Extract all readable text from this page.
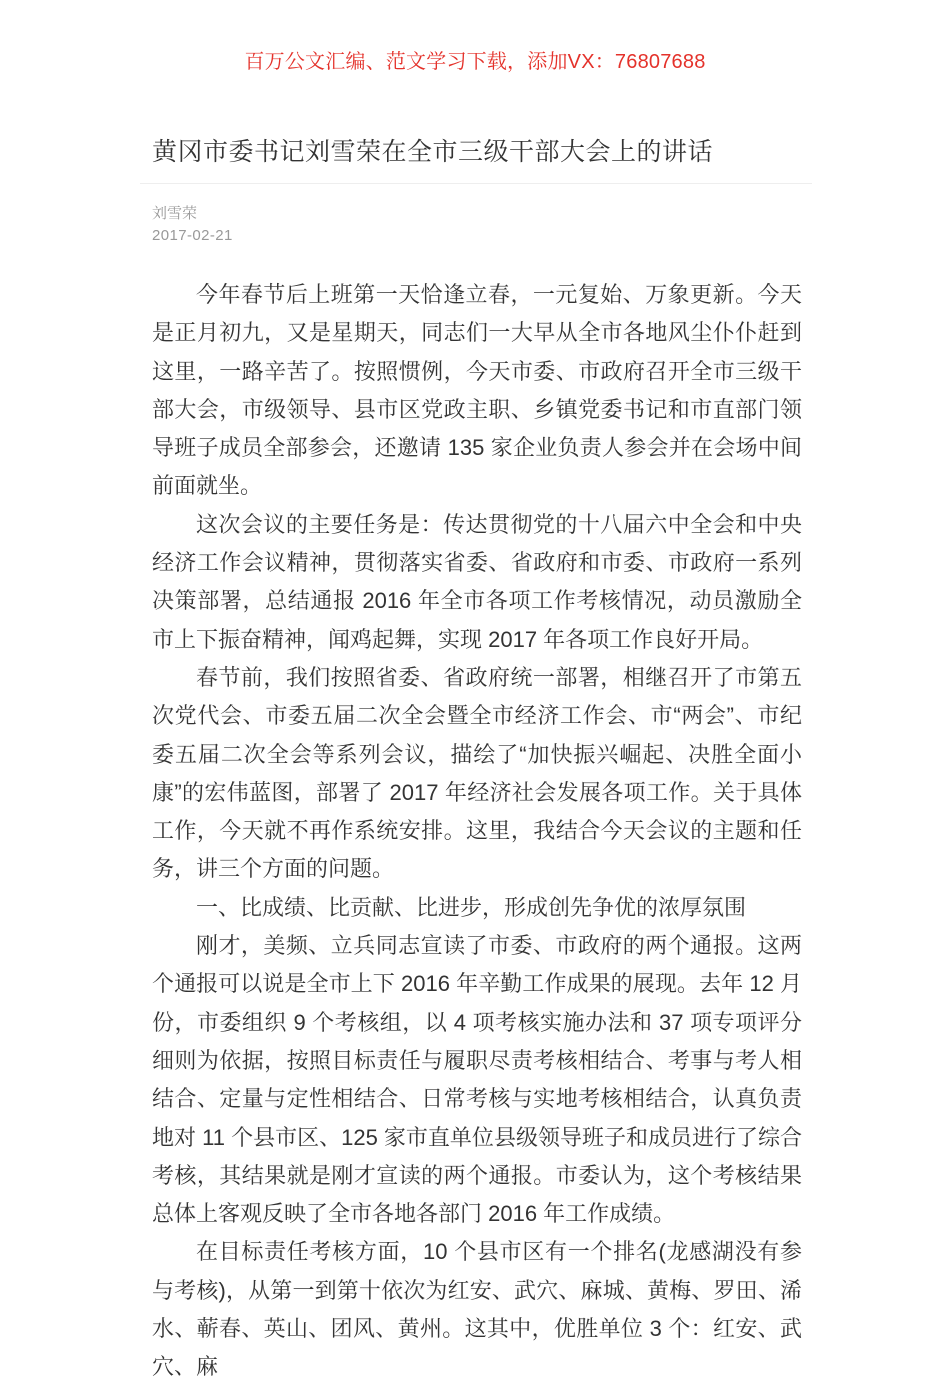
百万公文汇编、范文学习下载，添加VX：76807688
黄冈市委书记刘雪荣在全市三级干部大会上的讲话
刘雪荣
2017-02-21

今年春节后上班第一天恰逢立春，一元复始、万象更新。今天是正月初九，又是星期天，同志们一大早从全市各地风尘仆仆赶到这里，一路辛苦了。按照惯例，今天市委、市政府召开全市三级干部大会，市级领导、县市区党政主职、乡镇党委书记和市直部门领导班子成员全部参会，还邀请 135 家企业负责人参会并在会场中间前面就坐。

这次会议的主要任务是：传达贯彻党的十八届六中全会和中央经济工作会议精神，贯彻落实省委、省政府和市委、市政府一系列决策部署，总结通报 2016 年全市各项工作考核情况，动员激励全市上下振奋精神，闻鸡起舞，实现 2017 年各项工作良好开局。

春节前，我们按照省委、省政府统一部署，相继召开了市第五次党代会、市委五届二次全会暨全市经济工作会、市“两会”、市纪委五届二次全会等系列会议，描绘了“加快振兴崛起、决胜全面小康”的宏伟蓝图，部署了 2017 年经济社会发展各项工作。关于具体工作，今天就不再作系统安排。这里，我结合今天会议的主题和任务，讲三个方面的问题。

一、比成绩、比贡献、比进步，形成创先争优的浓厚氛围

刚才，美频、立兵同志宣读了市委、市政府的两个通报。这两个通报可以说是全市上下 2016 年辛勤工作成果的展现。去年 12 月份，市委组织 9 个考核组，以 4 项考核实施办法和 37 项专项评分细则为依据，按照目标责任与履职尽责考核相结合、考事与考人相结合、定量与定性相结合、日常考核与实地考核相结合，认真负责地对 11 个县市区、125 家市直单位县级领导班子和成员进行了综合考核，其结果就是刚才宣读的两个通报。市委认为，这个考核结果总体上客观反映了全市各地各部门 2016 年工作成绩。

在目标责任考核方面，10 个县市区有一个排名(龙感湖没有参与考核)，从第一到第十依次为红安、武穴、麻城、黄梅、罗田、浠水、蕲春、英山、团风、黄州。这其中，优胜单位 3 个：红安、武穴、麻
